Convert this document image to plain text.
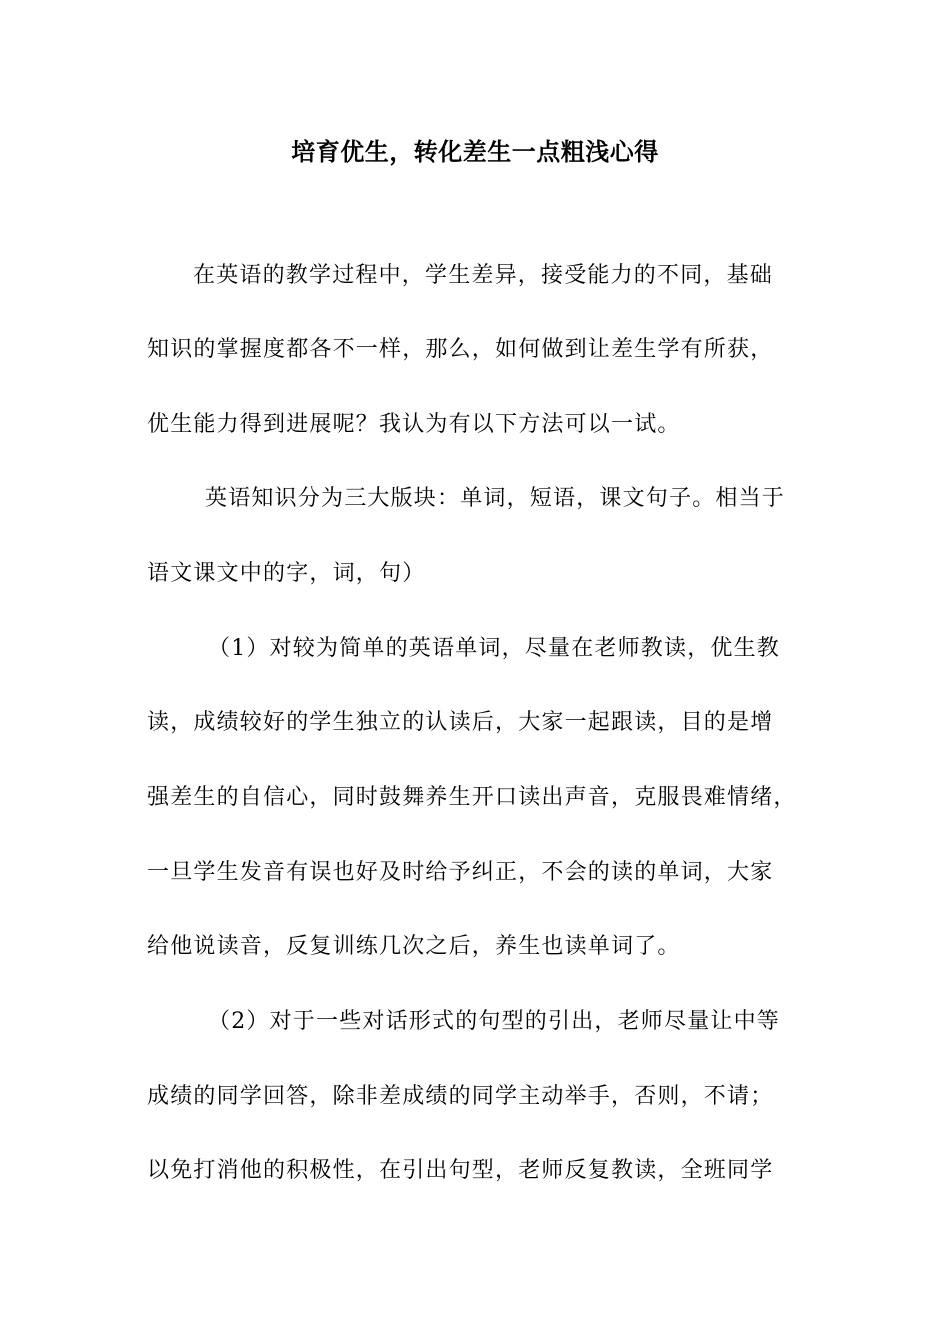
培育优生，转化差生一点粗浅心得
在英语的教学过程中，学生差异，接受能力的不同，基础
知识的掌握度都各不一样，那么，如何做到让差生学有所获，
优生能力得到进展呢？我认为有以下方法可以一试。
英语知识分为三大版块：单词，短语，课文句子。相当于
语文课文中的字，词，句）
（1）对较为简单的英语单词，尽量在老师教读，优生教
读，成绩较好的学生独立的认读后，大家一起跟读，目的是增
强差生的自信心，同时鼓舞养生开口读出声音，克服畏难情绪，
一旦学生发音有误也好及时给予纠正，不会的读的单词，大家
给他说读音，反复训练几次之后，养生也读单词了。
（2）对于一些对话形式的句型的引出，老师尽量让中等
成绩的同学回答，除非差成绩的同学主动举手，否则，不请；
以免打消他的积极性，在引出句型，老师反复教读，全班同学
